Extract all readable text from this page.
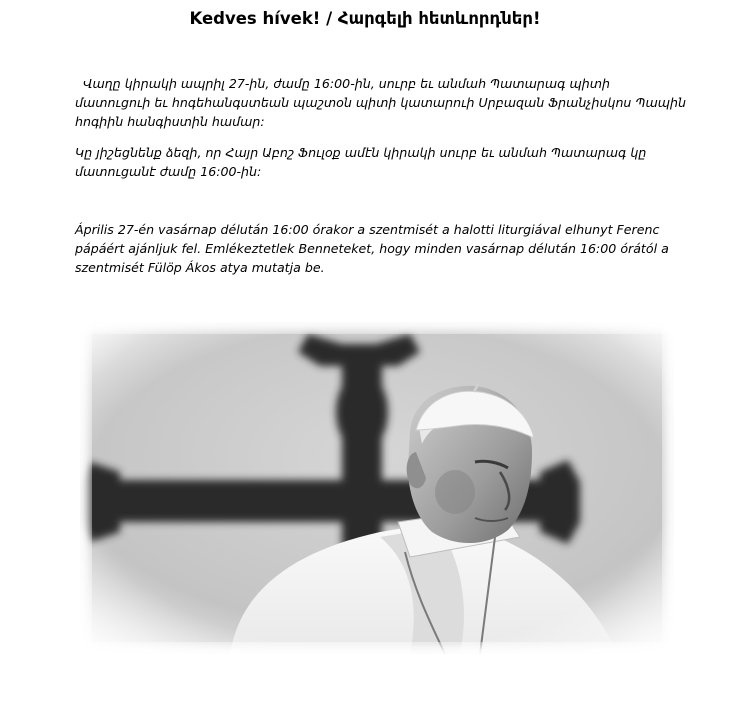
Kedves hívek! / Հարգելի հետևորդներ!
Վաղը կիրակի ապրիլ 27-ին, ժամը 16:00-ին, սուրբ եւ անմահ Պատարագ պիտի մատուցուի եւ հոգեհանգստեան պաշտօն պիտի կատարուի Սրբազան Ֆրանչիսկոս Պապին հոգիին հանգիստին համար:
Կը յիշեցնենք ձեզի, որ Հայր Աբոշ Ֆուլօք ամէն կիրակի սուրբ եւ անմահ Պատարագ կը մատուցանէ ժամը 16:00-ին:
Április 27-én vasárnap délután 16:00 órakor a szentmisét a halotti liturgiával elhunyt Ferenc pápáért ajánljuk fel. Emlékeztetlek Benneteket, hogy minden vasárnap délután 16:00 órától a szentmisét Fülöp Ákos atya mutatja be.
